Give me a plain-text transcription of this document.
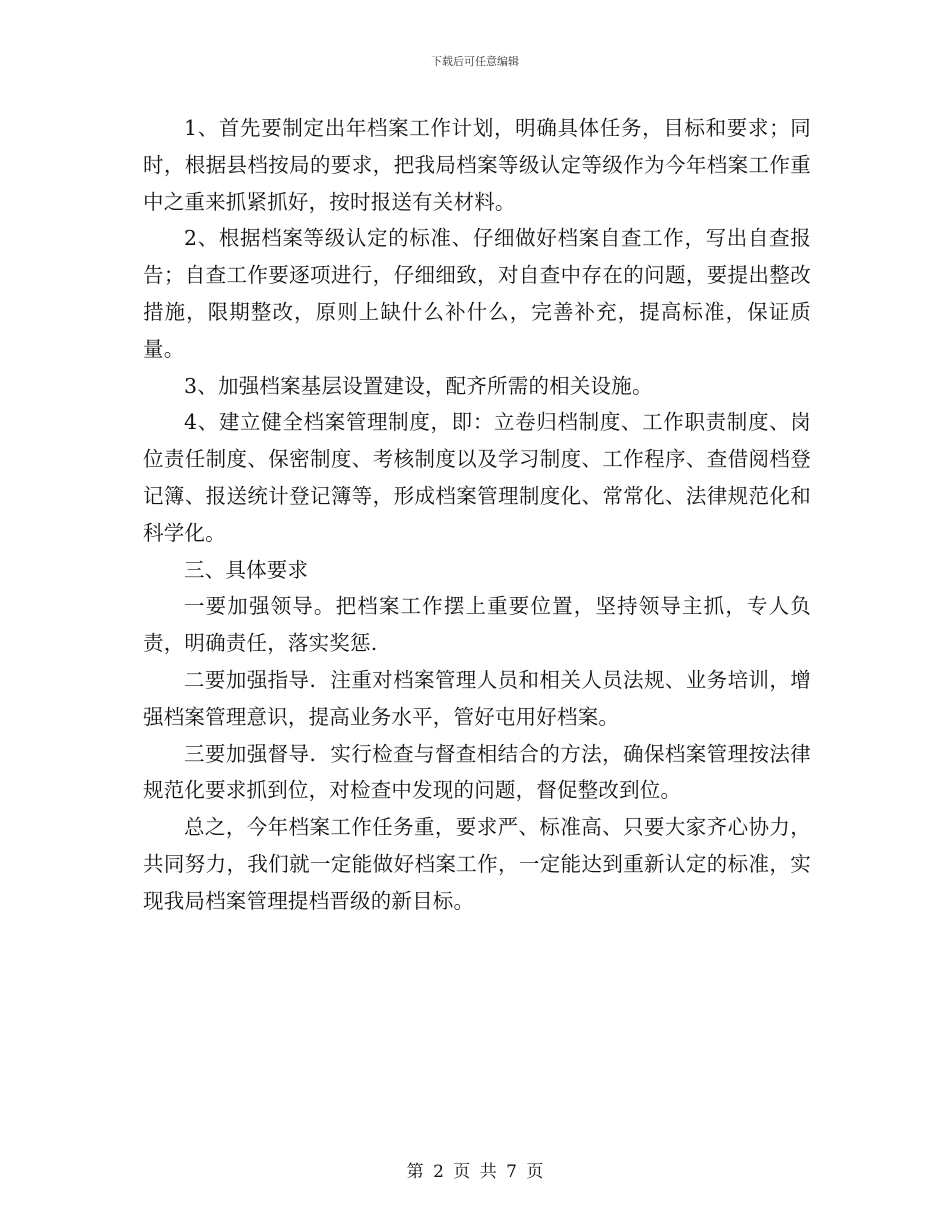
下载后可任意编辑

1、首先要制定出年档案工作计划，明确具体任务，目标和要求；同时，根据县档按局的要求，把我局档案等级认定等级作为今年档案工作重中之重来抓紧抓好，按时报送有关材料。

2、根据档案等级认定的标准、仔细做好档案自查工作，写出自查报告；自查工作要逐项进行，仔细细致，对自查中存在的问题，要提出整改措施，限期整改，原则上缺什么补什么，完善补充，提高标准，保证质量。

3、加强档案基层设置建设，配齐所需的相关设施。

4、建立健全档案管理制度，即：立卷归档制度、工作职责制度、岗位责任制度、保密制度、考核制度以及学习制度、工作程序、查借阅档登记簿、报送统计登记簿等，形成档案管理制度化、常常化、法律规范化和科学化。

三、具体要求

一要加强领导。把档案工作摆上重要位置，坚持领导主抓，专人负责，明确责任，落实奖惩.

二要加强指导．注重对档案管理人员和相关人员法规、业务培训，增强档案管理意识，提高业务水平，管好屯用好档案。

三要加强督导．实行检查与督查相结合的方法，确保档案管理按法律规范化要求抓到位，对检查中发现的问题，督促整改到位。

总之，今年档案工作任务重，要求严、标准高、只要大家齐心协力，共同努力，我们就一定能做好档案工作，一定能达到重新认定的标准，实现我局档案管理提档晋级的新目标。

第 2 页 共 7 页
